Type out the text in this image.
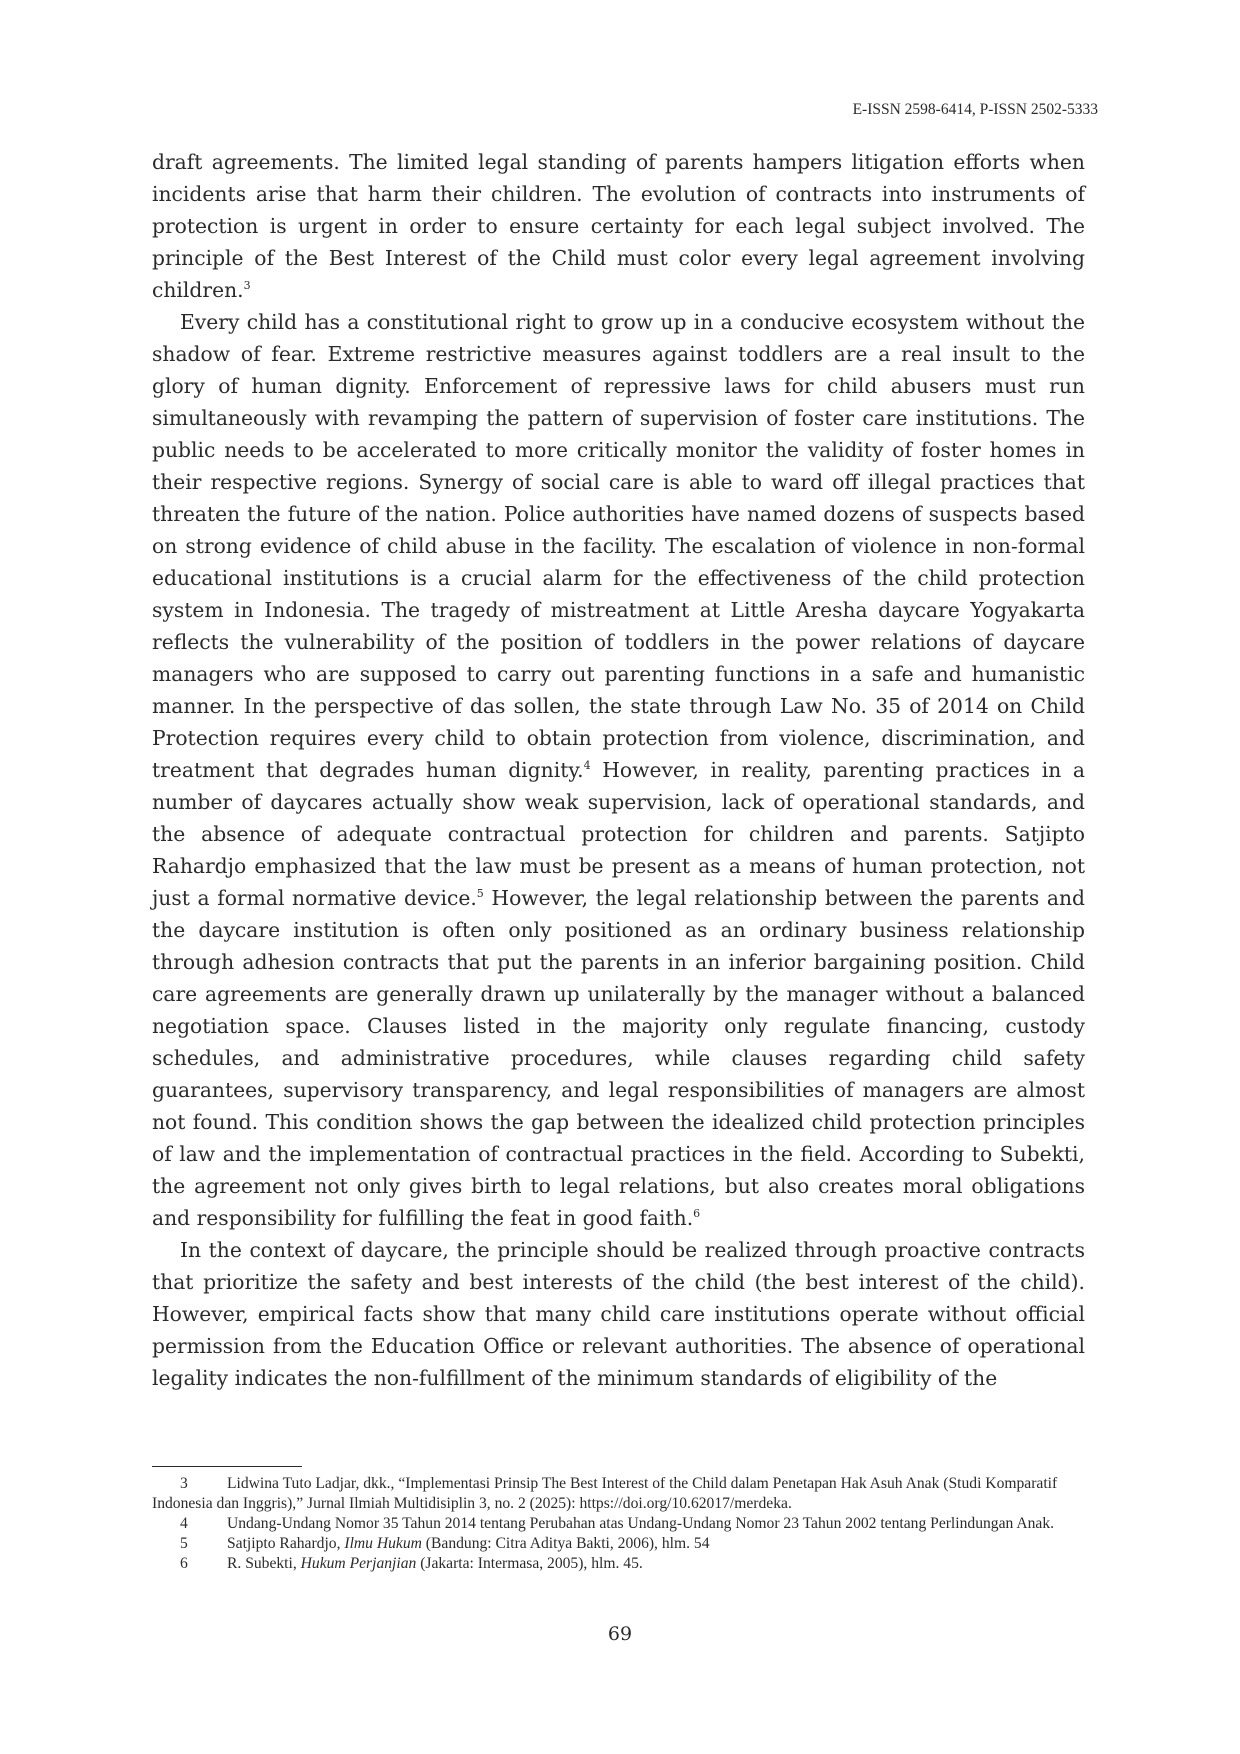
E-ISSN 2598-6414, P-ISSN 2502-5333

draft agreements. The limited legal standing of parents hampers litigation efforts when incidents arise that harm their children. The evolution of contracts into instruments of protection is urgent in order to ensure certainty for each legal subject involved. The principle of the Best Interest of the Child must color every legal agreement involving children.$^3$

Every child has a constitutional right to grow up in a conducive ecosystem without the shadow of fear. Extreme restrictive measures against toddlers are a real insult to the glory of human dignity. Enforcement of repressive laws for child abusers must run simultaneously with revamping the pattern of supervision of foster care institutions. The public needs to be accelerated to more critically monitor the validity of foster homes in their respective regions. Synergy of social care is able to ward off illegal practices that threaten the future of the nation. Police authorities have named dozens of suspects based on strong evidence of child abuse in the facility. The escalation of violence in non-formal educational institutions is a crucial alarm for the effectiveness of the child protection system in Indonesia. The tragedy of mistreatment at Little Aresha daycare Yogyakarta reflects the vulnerability of the position of toddlers in the power relations of daycare managers who are supposed to carry out parenting functions in a safe and humanistic manner. In the perspective of das sollen, the state through Law No. 35 of 2014 on Child Protection requires every child to obtain protection from violence, discrimination, and treatment that degrades human dignity.$^4$ However, in reality, parenting practices in a number of daycares actually show weak supervision, lack of operational standards, and the absence of adequate contractual protection for children and parents. Satjipto Rahardjo emphasized that the law must be present as a means of human protection, not just a formal normative device.$^5$ However, the legal relationship between the parents and the daycare institution is often only positioned as an ordinary business relationship through adhesion contracts that put the parents in an inferior bargaining position. Child care agreements are generally drawn up unilaterally by the manager without a balanced negotiation space. Clauses listed in the majority only regulate financing, custody schedules, and administrative procedures, while clauses regarding child safety guarantees, supervisory transparency, and legal responsibilities of managers are almost not found. This condition shows the gap between the idealized child protection principles of law and the implementation of contractual practices in the field. According to Subekti, the agreement not only gives birth to legal relations, but also creates moral obligations and responsibility for fulfilling the feat in good faith.$^6$

In the context of daycare, the principle should be realized through proactive contracts that prioritize the safety and best interests of the child (the best interest of the child). However, empirical facts show that many child care institutions operate without official permission from the Education Office or relevant authorities. The absence of operational legality indicates the non-fulfillment of the minimum standards of eligibility of the

3	Lidwina Tuto Ladjar, dkk., “Implementasi Prinsip The Best Interest of the Child dalam Penetapan Hak Asuh Anak (Studi Komparatif Indonesia dan Inggris),” Jurnal Ilmiah Multidisiplin 3, no. 2 (2025): https://doi.org/10.62017/merdeka.

4	Undang-Undang Nomor 35 Tahun 2014 tentang Perubahan atas Undang-Undang Nomor 23 Tahun 2002 tentang Perlindungan Anak.

5	Satjipto Rahardjo, Ilmu Hukum (Bandung: Citra Aditya Bakti, 2006), hlm. 54

6	R. Subekti, Hukum Perjanjian (Jakarta: Intermasa, 2005), hlm. 45.

69
